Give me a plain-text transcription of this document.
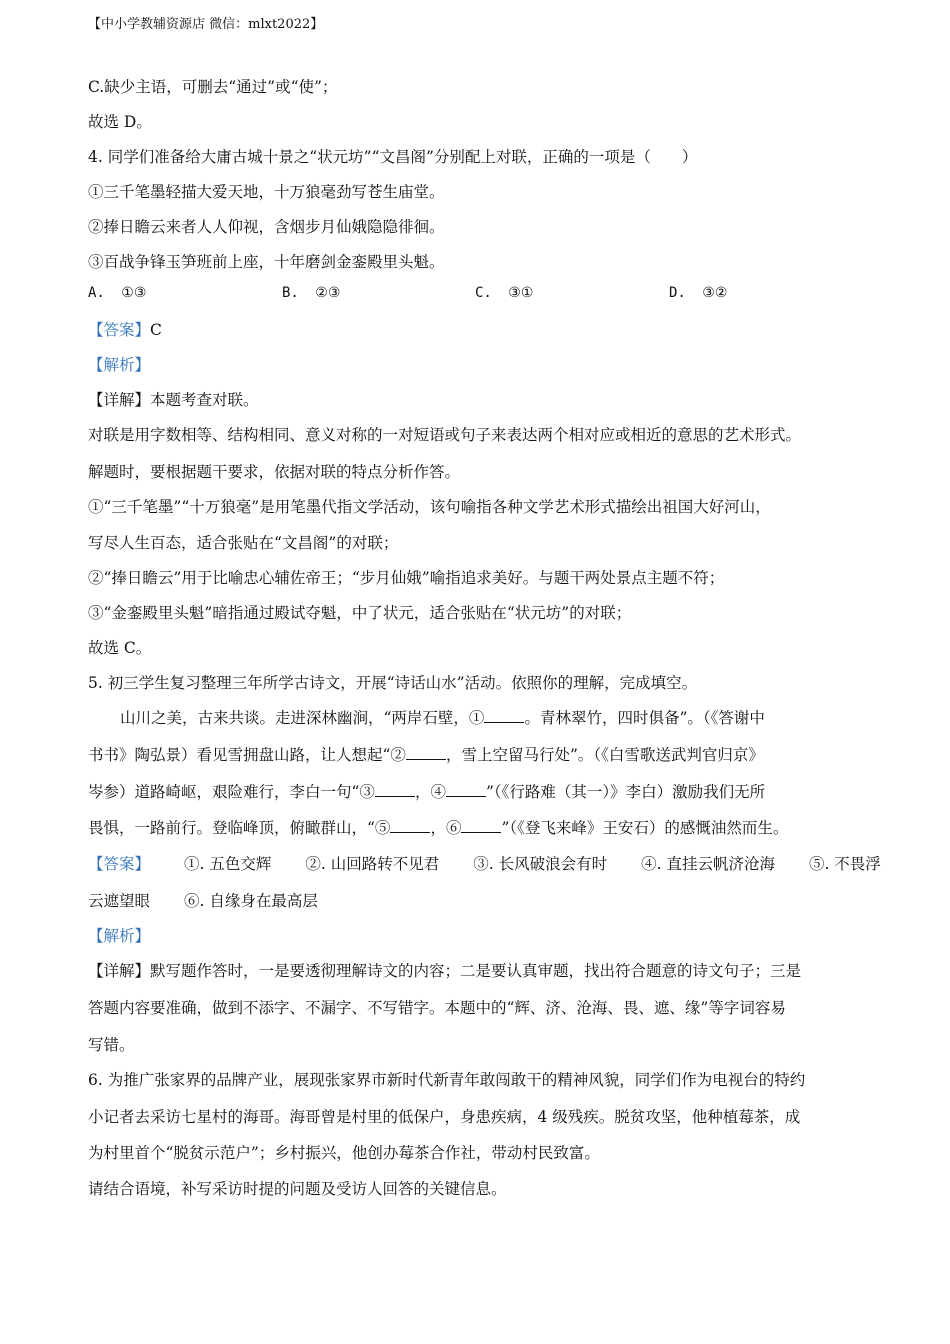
【中小学教辅资源店 微信：mlxt2022】
C.缺少主语，可删去“通过”或“使”；
故选 D。
4. 同学们准备给大庸古城十景之“状元坊”“文昌阁”分别配上对联，正确的一项是（　　）
①三千笔墨轻描大爱天地，十万狼毫劲写苍生庙堂。
②捧日瞻云来者人人仰视，含烟步月仙娥隐隐徘徊。
③百战争锋玉笋班前上座，十年磨剑金銮殿里头魁。
A. ①③	B. ②③	C. ③①	D. ③②
【答案】C
【解析】
【详解】本题考查对联。
对联是用字数相等、结构相同、意义对称的一对短语或句子来表达两个相对应或相近的意思的艺术形式。
解题时，要根据题干要求，依据对联的特点分析作答。
①“三千笔墨”“十万狼毫”是用笔墨代指文学活动，该句喻指各种文学艺术形式描绘出祖国大好河山，
写尽人生百态，适合张贴在“文昌阁”的对联；
②“捧日瞻云”用于比喻忠心辅佐帝王；“步月仙娥”喻指追求美好。与题干两处景点主题不符；
③“金銮殿里头魁”暗指通过殿试夺魁，中了状元，适合张贴在“状元坊”的对联；
故选 C。
5. 初三学生复习整理三年所学古诗文，开展“诗话山水”活动。依照你的理解，完成填空。
山川之美，古来共谈。走进深林幽涧，“两岸石壁，①	。青林翠竹，四时俱备”。（《答谢中
书书》陶弘景）看见雪拥盘山路，让人想起“②	，雪上空留马行处”。（《白雪歌送武判官归京》
岑参）道路崎岖，艰险难行，李白一句“③	，④	”（《行路难（其一）》李白）激励我们无所
畏惧，一路前行。登临峰顶，俯瞰群山，“⑤	，⑥	”（《登飞来峰》王安石）的感慨油然而生。
【答案】 ①. 五色交辉 ②. 山回路转不见君 ③. 长风破浪会有时 ④. 直挂云帆济沧海 ⑤. 不畏浮
云遮望眼 ⑥. 自缘身在最高层
【解析】
【详解】默写题作答时，一是要透彻理解诗文的内容；二是要认真审题，找出符合题意的诗文句子；三是
答题内容要准确，做到不添字、不漏字、不写错字。本题中的“辉、济、沧海、畏、遮、缘”等字词容易
写错。
6. 为推广张家界的品牌产业，展现张家界市新时代新青年敢闯敢干的精神风貌，同学们作为电视台的特约
小记者去采访七星村的海哥。海哥曾是村里的低保户，身患疾病，4 级残疾。脱贫攻坚，他种植莓茶，成
为村里首个“脱贫示范户”；乡村振兴，他创办莓茶合作社，带动村民致富。
请结合语境，补写采访时提的问题及受访人回答的关键信息。
